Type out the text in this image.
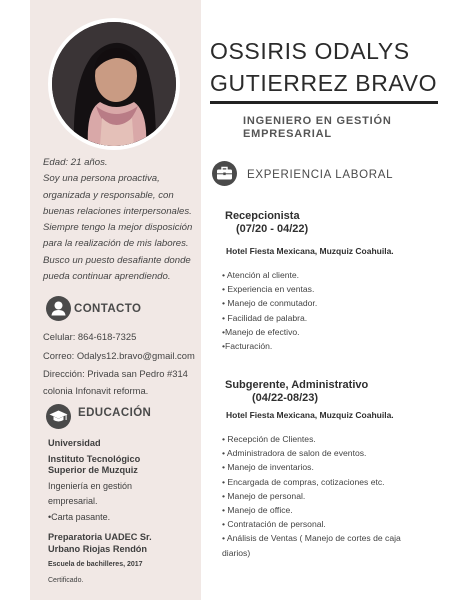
Edad: 21 años.
Soy una persona proactiva,
organizada y responsable, con
buenas relaciones interpersonales.
Siempre tengo la mejor disposición
para la realización de mis labores.
Busco un puesto desafiante donde
pueda continuar aprendiendo.
CONTACTO
Celular: 864-618-7325
Correo: Odalys12.bravo@gmail.com
Dirección: Privada san Pedro #314
colonia Infonavit reforma.
EDUCACIÓN
Universidad
Instituto Tecnológico
Superior de Muzquiz
Ingeniería en gestión
empresarial.
•Carta pasante.
Preparatoria UADEC Sr.
Urbano Riojas Rendón
Escuela de bachilleres, 2017
Certificado.
OSSIRIS ODALYS
GUTIERREZ BRAVO
INGENIERO EN GESTIÓN
EMPRESARIAL
EXPERIENCIA LABORAL
Recepcionista
(07/20 - 04/22)
Hotel Fiesta Mexicana, Muzquiz Coahuila.
• Atención al cliente.
• Experiencia en ventas.
• Manejo de conmutador.
• Facilidad de palabra.
•Manejo de efectivo.
•Facturación.
Subgerente, Administrativo
(04/22-08/23)
Hotel Fiesta Mexicana, Muzquiz Coahuila.
• Recepción de Clientes.
• Administradora de salon de eventos.
• Manejo de inventarios.
• Encargada de compras, cotizaciones etc.
• Manejo de personal.
• Manejo de office.
• Contratación de personal.
• Análisis de Ventas ( Manejo de cortes de caja
diarios)
